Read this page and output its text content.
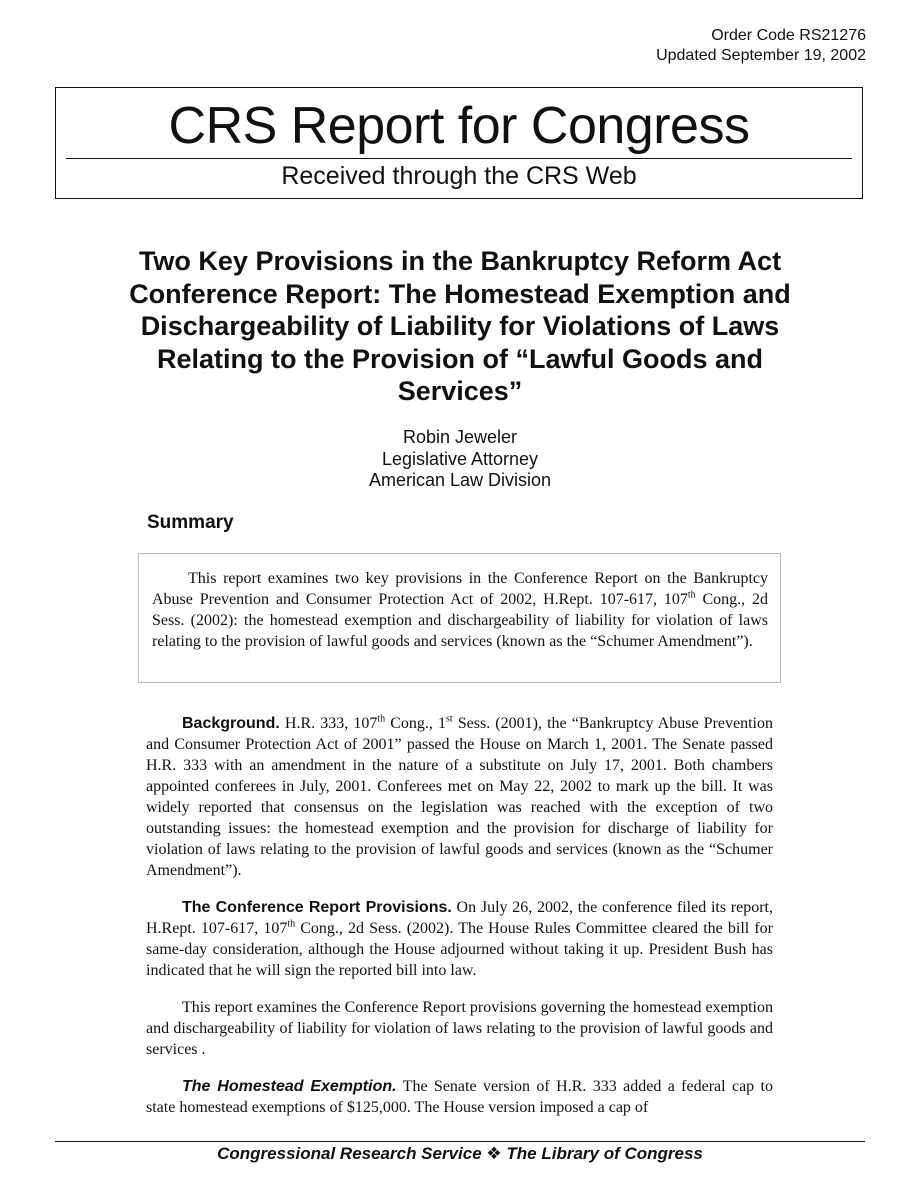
Order Code RS21276
Updated September 19, 2002
CRS Report for Congress
Received through the CRS Web
Two Key Provisions in the Bankruptcy Reform Act Conference Report: The Homestead Exemption and Dischargeability of Liability for Violations of Laws Relating to the Provision of “Lawful Goods and Services”
Robin Jeweler
Legislative Attorney
American Law Division
Summary

This report examines two key provisions in the Conference Report on the Bankruptcy Abuse Prevention and Consumer Protection Act of 2002, H.Rept. 107-617, 107th Cong., 2d Sess. (2002): the homestead exemption and dischargeability of liability for violation of laws relating to the provision of lawful goods and services (known as the “Schumer Amendment”).

Background. H.R. 333, 107th Cong., 1st Sess. (2001), the “Bankruptcy Abuse Prevention and Consumer Protection Act of 2001” passed the House on March 1, 2001. The Senate passed H.R. 333 with an amendment in the nature of a substitute on July 17, 2001. Both chambers appointed conferees in July, 2001. Conferees met on May 22, 2002 to mark up the bill. It was widely reported that consensus on the legislation was reached with the exception of two outstanding issues: the homestead exemption and the provision for discharge of liability for violation of laws relating to the provision of lawful goods and services (known as the “Schumer Amendment”).

The Conference Report Provisions. On July 26, 2002, the conference filed its report, H.Rept. 107-617, 107th Cong., 2d Sess. (2002). The House Rules Committee cleared the bill for same-day consideration, although the House adjourned without taking it up. President Bush has indicated that he will sign the reported bill into law.

This report examines the Conference Report provisions governing the homestead exemption and dischargeability of liability for violation of laws relating to the provision of lawful goods and services .

The Homestead Exemption. The Senate version of H.R. 333 added a federal cap to state homestead exemptions of $125,000. The House version imposed a cap of

Congressional Research Service ❖ The Library of Congress
